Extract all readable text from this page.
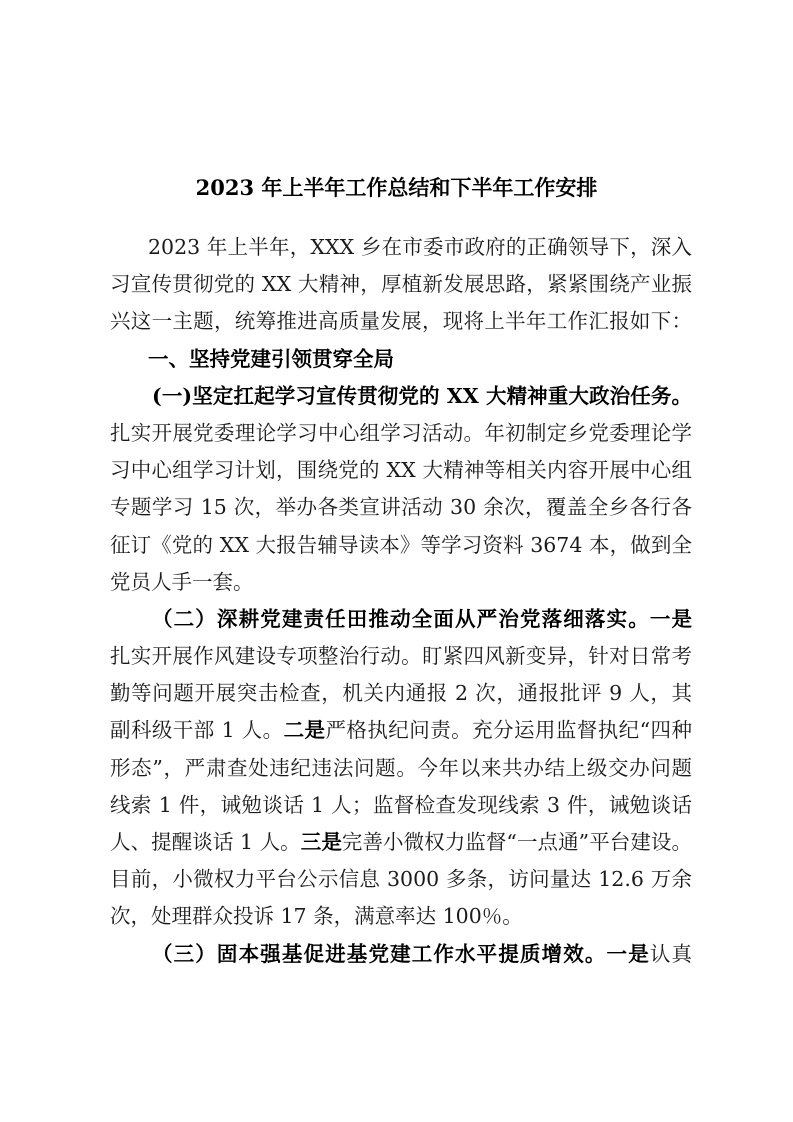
2023 年上半年工作总结和下半年工作安排
2023 年上半年，XXX 乡在市委市政府的正确领导下，深入
习宣传贯彻党的 XX 大精神，厚植新发展思路，紧紧围绕产业振
兴这一主题，统筹推进高质量发展，现将上半年工作汇报如下：
一、坚持党建引领贯穿全局
(一)坚定扛起学习宣传贯彻党的 XX 大精神重大政治任务。
扎实开展党委理论学习中心组学习活动。年初制定乡党委理论学
习中心组学习计划，围绕党的 XX 大精神等相关内容开展中心组
专题学习 15 次，举办各类宣讲活动 30 余次，覆盖全乡各行各
征订《党的 XX 大报告辅导读本》等学习资料 3674 本，做到全
党员人手一套。
（二）深耕党建责任田推动全面从严治党落细落实。一是
扎实开展作风建设专项整治行动。盯紧四风新变异，针对日常考
勤等问题开展突击检查，机关内通报 2 次，通报批评 9 人，其
副科级干部 1 人。二是严格执纪问责。充分运用监督执纪“四种
形态”，严肃查处违纪违法问题。今年以来共办结上级交办问题
线索 1 件，诫勉谈话 1 人；监督检查发现线索 3 件，诫勉谈话
人、提醒谈话 1 人。三是完善小微权力监督“一点通”平台建设。
目前，小微权力平台公示信息 3000 多条，访问量达 12.6 万余
次，处理群众投诉 17 条，满意率达 100％。
（三）固本强基促进基党建工作水平提质增效。一是认真
